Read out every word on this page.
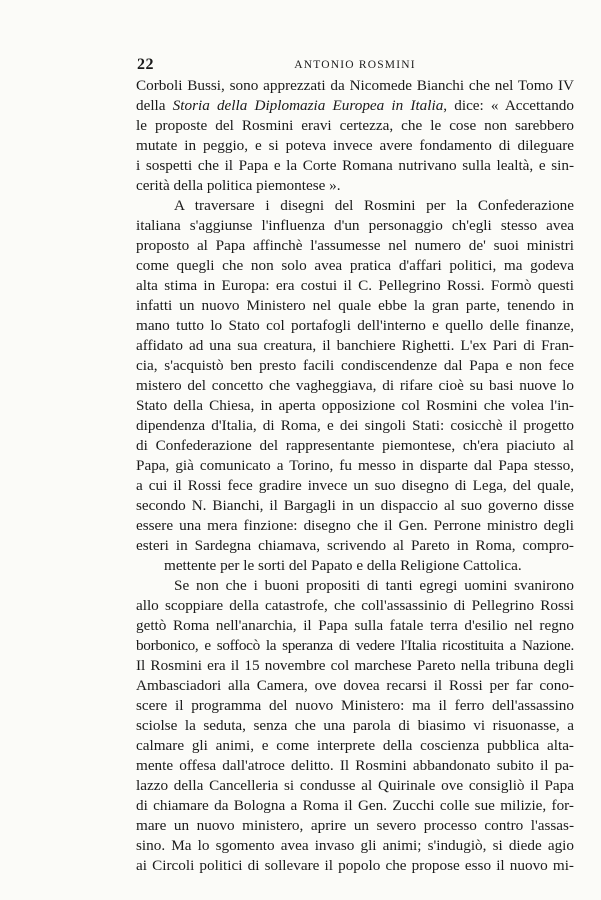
22	ANTONIO ROSMINI
Corboli Bussi, sono apprezzati da Nicomede Bianchi che nel Tomo IV
della Storia della Diplomazia Europea in Italia, dice: « Accettando
le proposte del Rosmini eravi certezza, che le cose non sarebbero
mutate in peggio, e si poteva invece avere fondamento di dileguare
i sospetti che il Papa e la Corte Romana nutrivano sulla lealtà, e sin-
cerità della politica piemontese ».
A traversare i disegni del Rosmini per la Confederazione
italiana s'aggiunse l'influenza d'un personaggio ch'egli stesso avea
proposto al Papa affinchè l'assumesse nel numero de' suoi ministri
come quegli che non solo avea pratica d'affari politici, ma godeva
alta stima in Europa: era costui il C. Pellegrino Rossi. Formò questi
infatti un nuovo Ministero nel quale ebbe la gran parte, tenendo in
mano tutto lo Stato col portafogli dell'interno e quello delle finanze,
affidato ad una sua creatura, il banchiere Righetti. L'ex Pari di Fran-
cia, s'acquistò ben presto facili condiscendenze dal Papa e non fece
mistero del concetto che vagheggiava, di rifare cioè su basi nuove lo
Stato della Chiesa, in aperta opposizione col Rosmini che volea l'in-
dipendenza d'Italia, di Roma, e dei singoli Stati: cosicchè il progetto
di Confederazione del rappresentante piemontese, ch'era piaciuto al
Papa, già comunicato a Torino, fu messo in disparte dal Papa stesso,
a cui il Rossi fece gradire invece un suo disegno di Lega, del quale,
secondo N. Bianchi, il Bargagli in un dispaccio al suo governo disse
essere una mera finzione: disegno che il Gen. Perrone ministro degli
esteri in Sardegna chiamava, scrivendo al Pareto in Roma, compro-
mettente per le sorti del Papato e della Religione Cattolica.
Se non che i buoni propositi di tanti egregi uomini svanirono
allo scoppiare della catastrofe, che coll'assassinio di Pellegrino Rossi
gettò Roma nell'anarchia, il Papa sulla fatale terra d'esilio nel regno
borbonico, e soffocò la speranza di vedere l'Italia ricostituita a Nazione.
Il Rosmini era il 15 novembre col marchese Pareto nella tribuna degli
Ambasciadori alla Camera, ove dovea recarsi il Rossi per far cono-
scere il programma del nuovo Ministero: ma il ferro dell'assassino
sciolse la seduta, senza che una parola di biasimo vi risuonasse, a
calmare gli animi, e come interprete della coscienza pubblica alta-
mente offesa dall'atroce delitto. Il Rosmini abbandonato subito il pa-
lazzo della Cancelleria si condusse al Quirinale ove consigliò il Papa
di chiamare da Bologna a Roma il Gen. Zucchi colle sue milizie, for-
mare un nuovo ministero, aprire un severo processo contro l'assas-
sino. Ma lo sgomento avea invaso gli animi; s'indugiò, si diede agio
ai Circoli politici di sollevare il popolo che propose esso il nuovo mi-
